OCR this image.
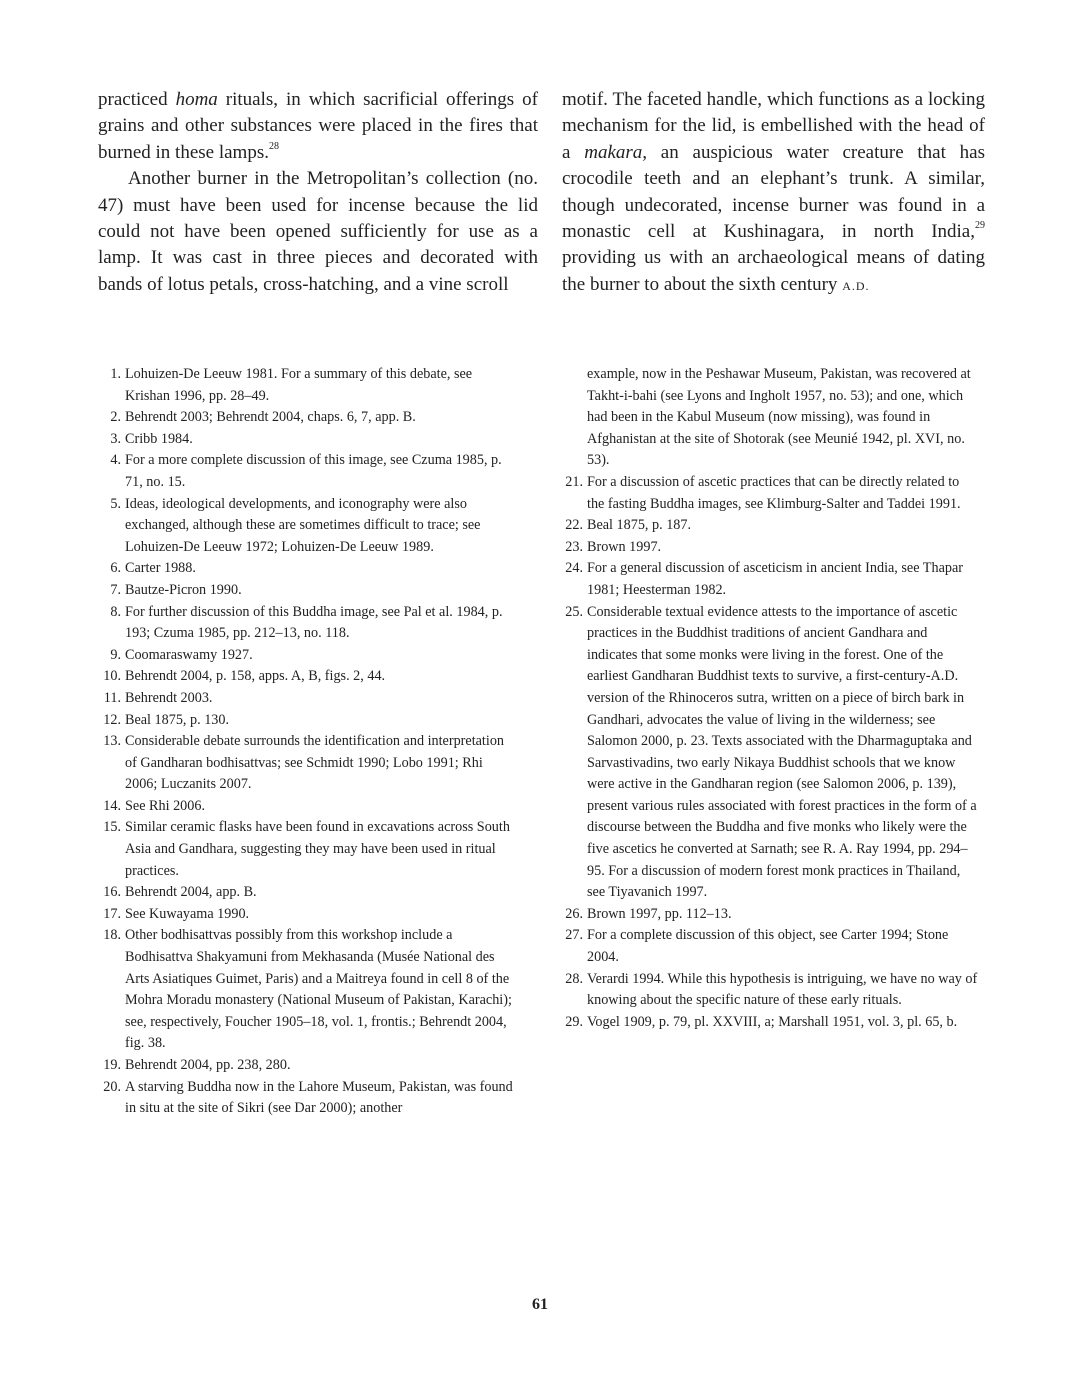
practiced homa rituals, in which sacrificial offerings of grains and other substances were placed in the fires that burned in these lamps.$^{28}$

Another burner in the Metropolitan’s collection (no. 47) must have been used for incense because the lid could not have been opened sufficiently for use as a lamp. It was cast in three pieces and decorated with bands of lotus petals, cross-hatching, and a vine scroll

motif. The faceted handle, which functions as a locking mechanism for the lid, is embellished with the head of a makara, an auspicious water creature that has crocodile teeth and an elephant’s trunk. A similar, though undecorated, incense burner was found in a monastic cell at Kushinagara, in north India,$^{29}$ providing us with an archaeological means of dating the burner to about the sixth century A.D.

1. Lohuizen-De Leeuw 1981. For a summary of this debate, see Krishan 1996, pp. 28–49.
2. Behrendt 2003; Behrendt 2004, chaps. 6, 7, app. B.
3. Cribb 1984.
4. For a more complete discussion of this image, see Czuma 1985, p. 71, no. 15.
5. Ideas, ideological developments, and iconography were also exchanged, although these are sometimes difficult to trace; see Lohuizen-De Leeuw 1972; Lohuizen-De Leeuw 1989.
6. Carter 1988.
7. Bautze-Picron 1990.
8. For further discussion of this Buddha image, see Pal et al. 1984, p. 193; Czuma 1985, pp. 212–13, no. 118.
9. Coomaraswamy 1927.
10. Behrendt 2004, p. 158, apps. A, B, figs. 2, 44.
11. Behrendt 2003.
12. Beal 1875, p. 130.
13. Considerable debate surrounds the identification and interpretation of Gandharan bodhisattvas; see Schmidt 1990; Lobo 1991; Rhi 2006; Luczanits 2007.
14. See Rhi 2006.
15. Similar ceramic flasks have been found in excavations across South Asia and Gandhara, suggesting they may have been used in ritual practices.
16. Behrendt 2004, app. B.
17. See Kuwayama 1990.
18. Other bodhisattvas possibly from this workshop include a Bodhisattva Shakyamuni from Mekhasanda (Musée National des Arts Asiatiques Guimet, Paris) and a Maitreya found in cell 8 of the Mohra Moradu monastery (National Museum of Pakistan, Karachi); see, respectively, Foucher 1905–18, vol. 1, frontis.; Behrendt 2004, fig. 38.
19. Behrendt 2004, pp. 238, 280.
20. A starving Buddha now in the Lahore Museum, Pakistan, was found in situ at the site of Sikri (see Dar 2000); another

example, now in the Peshawar Museum, Pakistan, was recovered at Takht-i-bahi (see Lyons and Ingholt 1957, no. 53); and one, which had been in the Kabul Museum (now missing), was found in Afghanistan at the site of Shotorak (see Meunié 1942, pl. XVI, no. 53).

21. For a discussion of ascetic practices that can be directly related to the fasting Buddha images, see Klimburg-Salter and Taddei 1991.
22. Beal 1875, p. 187.
23. Brown 1997.
24. For a general discussion of asceticism in ancient India, see Thapar 1981; Heesterman 1982.
25. Considerable textual evidence attests to the importance of ascetic practices in the Buddhist traditions of ancient Gandhara and indicates that some monks were living in the forest. One of the earliest Gandharan Buddhist texts to survive, a first-century-A.D. version of the Rhinoceros sutra, written on a piece of birch bark in Gandhari, advocates the value of living in the wilderness; see Salomon 2000, p. 23. Texts associated with the Dharmaguptaka and Sarvastivadins, two early Nikaya Buddhist schools that we know were active in the Gandharan region (see Salomon 2006, p. 139), present various rules associated with forest practices in the form of a discourse between the Buddha and five monks who likely were the five ascetics he converted at Sarnath; see R. A. Ray 1994, pp. 294–95. For a discussion of modern forest monk practices in Thailand, see Tiyavanich 1997.
26. Brown 1997, pp. 112–13.
27. For a complete discussion of this object, see Carter 1994; Stone 2004.
28. Verardi 1994. While this hypothesis is intriguing, we have no way of knowing about the specific nature of these early rituals.
29. Vogel 1909, p. 79, pl. XXVIII, a; Marshall 1951, vol. 3, pl. 65, b.
61
